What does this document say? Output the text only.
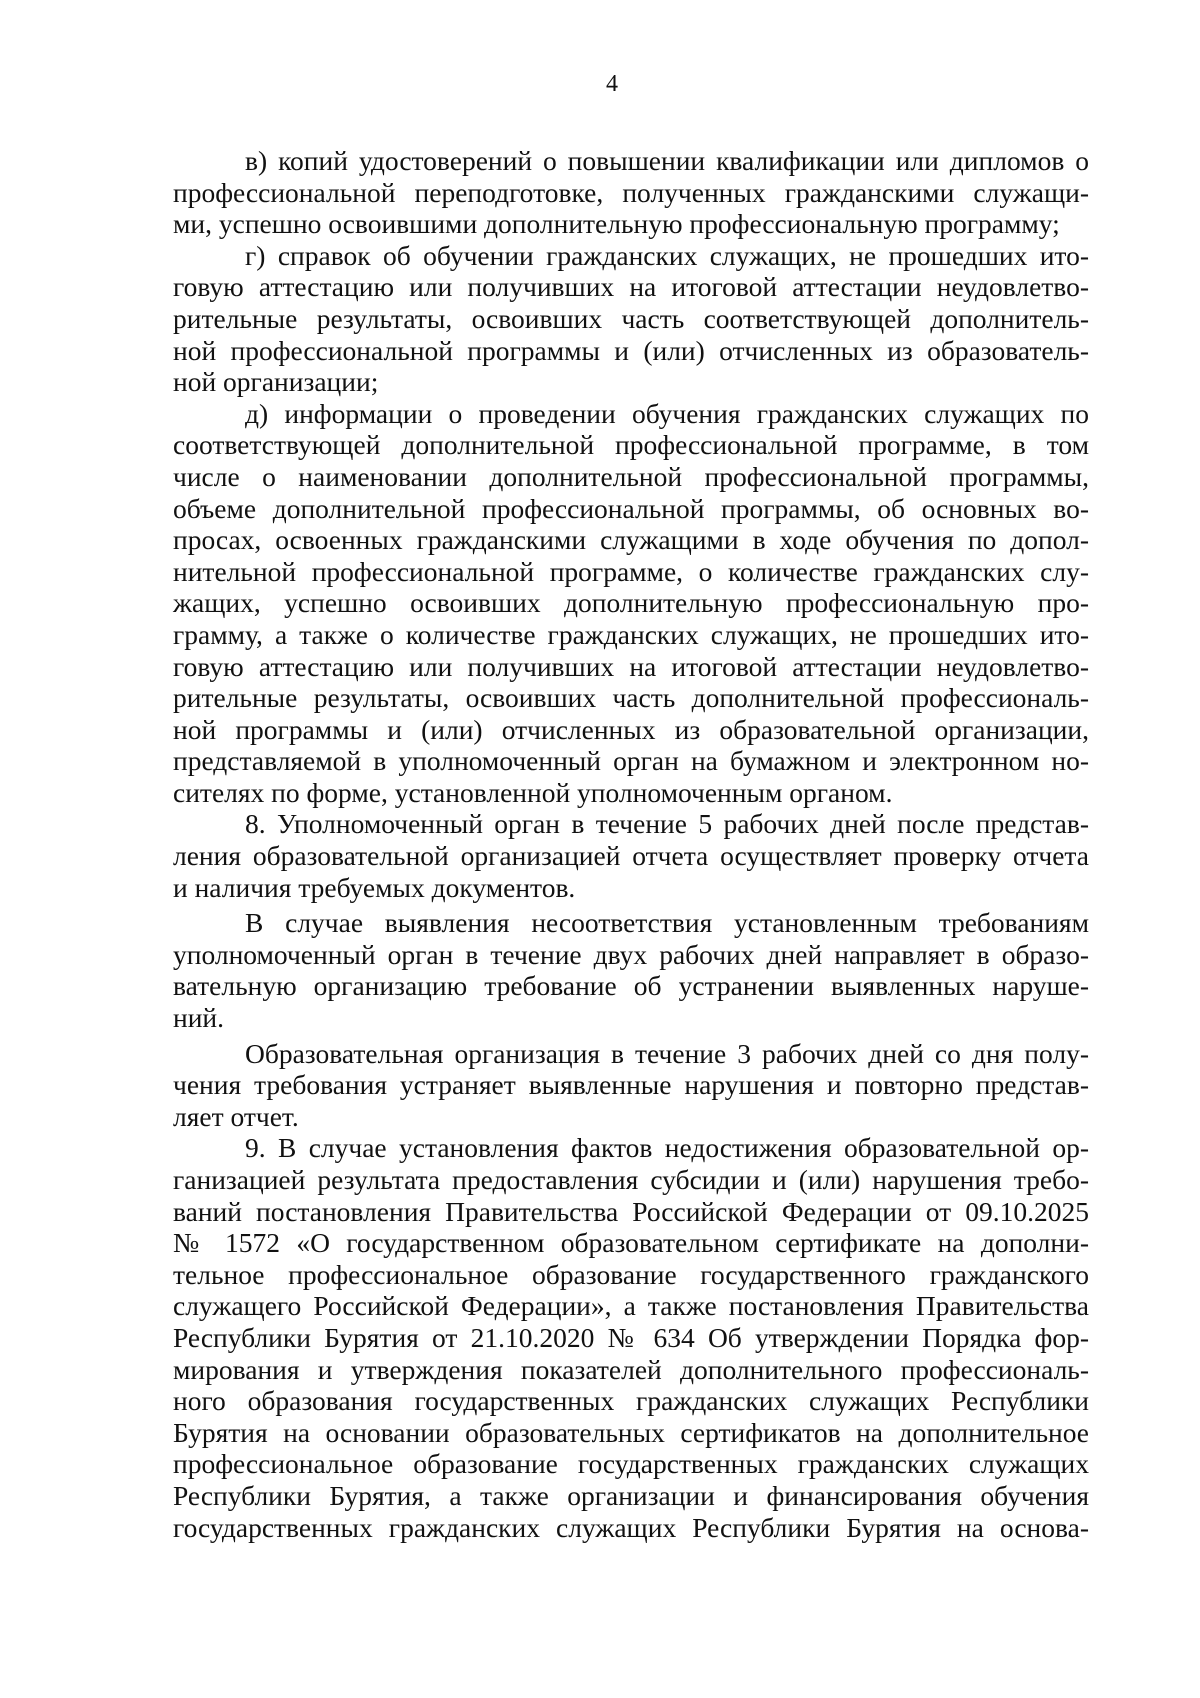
4
в) копий удостоверений о повышении квалификации или дипломов о
профессиональной переподготовке, полученных гражданскими служащи-
ми, успешно освоившими дополнительную профессиональную программу;
г) справок об обучении гражданских служащих, не прошедших ито-
говую аттестацию или получивших на итоговой аттестации неудовлетво-
рительные результаты, освоивших часть соответствующей дополнитель-
ной профессиональной программы и (или) отчисленных из образователь-
ной организации;
д) информации о проведении обучения гражданских служащих по
соответствующей дополнительной профессиональной программе, в том
числе о наименовании дополнительной профессиональной программы,
объеме дополнительной профессиональной программы, об основных во-
просах, освоенных гражданскими служащими в ходе обучения по допол-
нительной профессиональной программе, о количестве гражданских слу-
жащих, успешно освоивших дополнительную профессиональную про-
грамму, а также о количестве гражданских служащих, не прошедших ито-
говую аттестацию или получивших на итоговой аттестации неудовлетво-
рительные результаты, освоивших часть дополнительной профессиональ-
ной программы и (или) отчисленных из образовательной организации,
представляемой в уполномоченный орган на бумажном и электронном но-
сителях по форме, установленной уполномоченным органом.
8. Уполномоченный орган в течение 5 рабочих дней после представ-
ления образовательной организацией отчета осуществляет проверку отчета
и наличия требуемых документов.
В случае выявления несоответствия установленным требованиям
уполномоченный орган в течение двух рабочих дней направляет в образо-
вательную организацию требование об устранении выявленных наруше-
ний.
Образовательная организация в течение 3 рабочих дней со дня полу-
чения требования устраняет выявленные нарушения и повторно представ-
ляет отчет.
9. В случае установления фактов недостижения образовательной ор-
ганизацией результата предоставления субсидии и (или) нарушения требо-
ваний постановления Правительства Российской Федерации от 09.10.2025
№ 1572 «О государственном образовательном сертификате на дополни-
тельное профессиональное образование государственного гражданского
служащего Российской Федерации», а также постановления Правительства
Республики Бурятия от 21.10.2020 № 634 Об утверждении Порядка фор-
мирования и утверждения показателей дополнительного профессиональ-
ного образования государственных гражданских служащих Республики
Бурятия на основании образовательных сертификатов на дополнительное
профессиональное образование государственных гражданских служащих
Республики Бурятия, а также организации и финансирования обучения
государственных гражданских служащих Республики Бурятия на основа-
